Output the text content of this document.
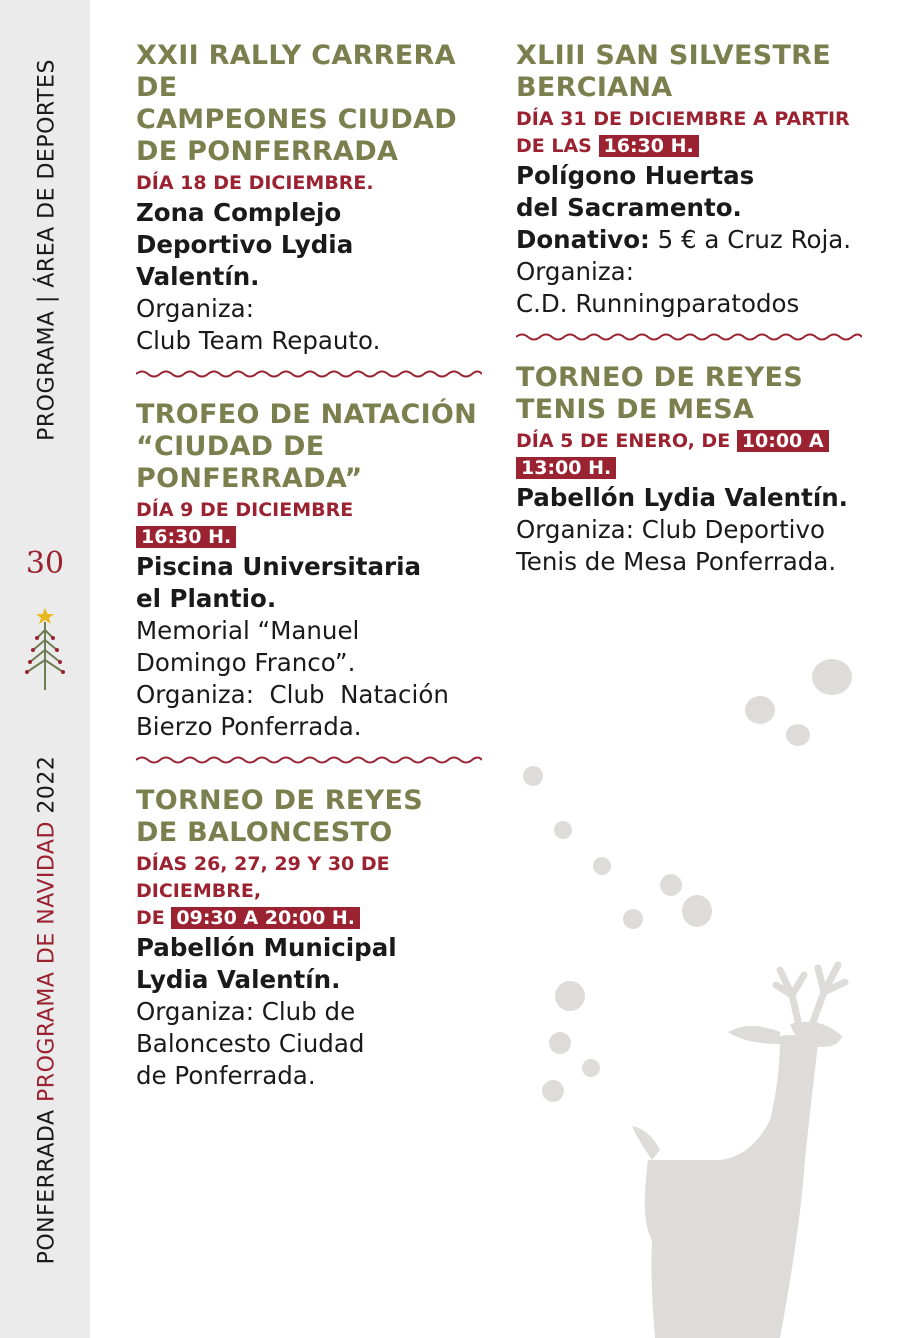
PROGRAMA | ÁREA DE DEPORTES
30
PONFERRADA PROGRAMA DE NAVIDAD 2022

XXII RALLY CARRERA DE
CAMPEONES CIUDAD
DE PONFERRADA

DÍA 18 DE DICIEMBRE.

Zona Complejo
Deportivo Lydia Valentín.

Organiza:
Club Team Repauto.

TROFEO DE NATACIÓN
“CIUDAD DE
PONFERRADA”

DÍA 9 DE DICIEMBRE
16:30 H.

Piscina Universitaria
el Plantio.

Memorial “Manuel
Domingo Franco”.
Organiza:  Club  Natación
Bierzo Ponferrada.

TORNEO DE REYES
DE BALONCESTO

DÍAS 26, 27, 29 Y 30 DE
DICIEMBRE,
DE 09:30 A 20:00 H.

Pabellón Municipal
Lydia Valentín.

Organiza: Club de
Baloncesto Ciudad
de Ponferrada.

XLIII SAN SILVESTRE
BERCIANA

DÍA 31 DE DICIEMBRE A PARTIR
DE LAS 16:30 H.

Polígono Huertas
del Sacramento.

Donativo: 5 € a Cruz Roja.

Organiza:
C.D. Runningparatodos

TORNEO DE REYES
TENIS DE MESA

DÍA 5 DE ENERO, DE 10:00 A
13:00 H.

Pabellón Lydia Valentín.

Organiza: Club Deportivo
Tenis de Mesa Ponferrada.
